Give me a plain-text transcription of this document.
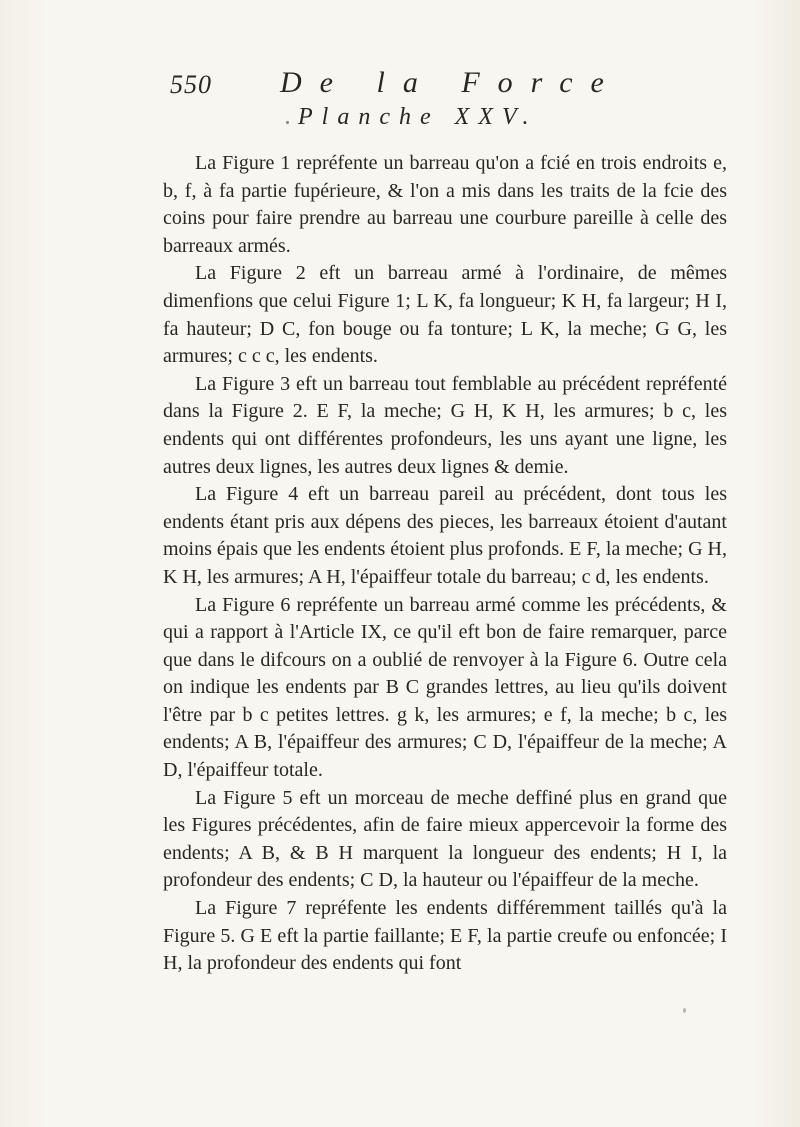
550 De la Force
Planche XXV.

La Figure 1 repréfente un barreau qu'on a fcié en trois endroits e, b, f, à fa partie fupérieure, & l'on a mis dans les traits de la fcie des coins pour faire prendre au barreau une courbure pareille à celle des barreaux armés.

La Figure 2 eft un barreau armé à l'ordinaire, de mêmes dimenfions que celui Figure 1; L K, fa longueur; K H, fa largeur; H I, fa hauteur; D C, fon bouge ou fa tonture; L K, la meche; G G, les armures; c c c, les endents.

La Figure 3 eft un barreau tout femblable au précédent repréfenté dans la Figure 2. E F, la meche; G H, K H, les armures; b c, les endents qui ont différentes profondeurs, les uns ayant une ligne, les autres deux lignes, les autres deux lignes & demie.

La Figure 4 eft un barreau pareil au précédent, dont tous les endents étant pris aux dépens des pieces, les barreaux étoient d'autant moins épais que les endents étoient plus profonds. E F, la meche; G H, K H, les armures; A H, l'épaiffeur totale du barreau; c d, les endents.

La Figure 6 repréfente un barreau armé comme les précédents, & qui a rapport à l'Article IX, ce qu'il eft bon de faire remarquer, parce que dans le difcours on a oublié de renvoyer à la Figure 6. Outre cela on indique les endents par B C grandes lettres, au lieu qu'ils doivent l'être par b c petites lettres. g k, les armures; e f, la meche; b c, les endents; A B, l'épaiffeur des armures; C D, l'épaiffeur de la meche; A D, l'épaiffeur totale.

La Figure 5 eft un morceau de meche deffiné plus en grand que les Figures précédentes, afin de faire mieux appercevoir la forme des endents; A B, & B H marquent la longueur des endents; H I, la profondeur des endents; C D, la hauteur ou l'épaiffeur de la meche.

La Figure 7 repréfente les endents différemment taillés qu'à la Figure 5. G E eft la partie faillante; E F, la partie creufe ou enfoncée; I H, la profondeur des endents qui font
